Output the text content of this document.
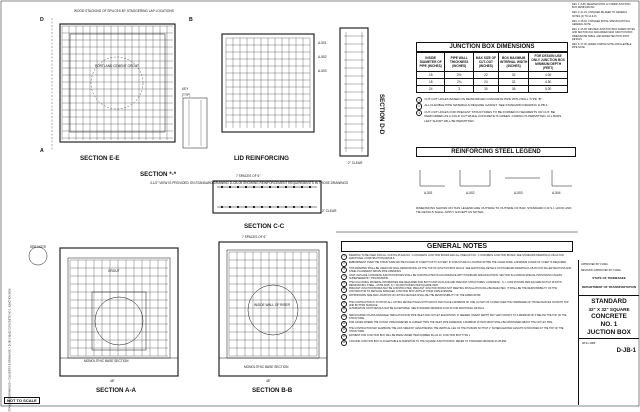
D	B
A
WOOD STACKING OF SPLICES BY STAGGERING LAP LOCATIONS
PORTLAND CEMENT GROUT
KEY
(TYP)
SECTION E-E
SECTION *-*
3-1/2" VIEW IS PROVIDED ON STANDARD DRAWING D-CB-05 SHOWING REINFORCEMENT REQUIREMENTS IN THOSE DRAWINGS
LID REINFORCING
A-501
A-502
A-503
SECTION D-D
2" CLEAR
7 SPACES OF 6"
2" CLEAR
SECTION C-C
MONOLITHIC BASE SECTION
48"
GROUT
SEE NOTE
SECTION A-A
INSIDE WALL OF RISER
MONOLITHIC BASE SECTION
48"
7 SPACES OF 6"
SECTION B-B
A-501	A-502	A-503	A-504
REV. 1: 8-88; DELETED NOTE 12 UNDER JUNCTION BOX REINFORCING
REV. 2: 01-91; CHANGED RE-FEED TO GENERAL NOTES (3) TO 14 & 15
REV. 3: 08-92; CHANGED INITIAL SPECIFICATION & GENERAL NOTE
REV. 4: 05-95; REVISED JUNCTION BOX ADDED NOTES AND SECTION D-D AND ADDED NEW JUNCTION BOX DIMENSIONS TABLE, AND ADDED SECTION JOINT DETAILS
REV. 5: 07-00; ADDED CORING NOTE AND FLEXIBLE PIPE NOTE
JUNCTION BOX DIMENSIONS
INSIDE DIAMETER OF PIPE (INCHES)	PIPE WALL THICKNESS (INCHES)	MAX SIZE OF CUT-OUT (INCHES)	BOX MAXIMUM INTERNAL WIDTH (INCHES)	FOR DESIGN USE ONLY JUNCTION BOX MINIMUM DEPTH (FEET)
15	2½	22	32	4.00
18	2¾	24	32	4.50
24	3	30	36	5.00
1	CUT-OUT HOLES BASED ON REINFORCED CONCRETE PIPE WITH WALL TYPE "B".
2	ALL FLEXIBLE PIPE MATERIALS REQUIRE GASKET. SEE STANDARD DRAWING D-PB-1.
3	CUT-OUT HOLES FOR PRECAST STRUCTURES TO BE FORMED IN SEGMENTS OR CUT. BE PERFORMED AS A COLD CUT WHILE CONCRETE IS GREEN. CORING IS PERMITTED. ALL BARS LEFT SHORT WILL BE PERMITTED.
REINFORCING STEEL LEGEND
DIMENSIONS SHOWN ON THIS LEGEND ARE OUTSIDE TO OUTSIDE OF BAR. STANDARD C.R.S.I. HOOK AND TIE DETAILS SHALL APPLY, EXCEPT AS NOTED.
GENERAL NOTES
1	DRAWING TO BE USED FOR ALL CAST-IN-PLACE NO. 1 CONCRETE JUNCTION BOXES AND ALL PRECAST NO. 1 CONCRETE JUNCTION BOXES. SEE STANDARD DRAWING D-CB-16 FOR ADDITIONAL CONSTRUCTION DETAILS.
2	EMBANKMENT OVER THE STRUCTURE MAY BE PLACED AT A DEPTH UP TO 16 FEET. IF STRUCTURE IS LOCATED WITHIN THE CLEAR ZONE, A MINIMUM COVER OF 3 FEET IS REQUIRED.
3	THIS DRAWING SHALL BE USED FOR WALL REINFORCING OF THE TOP OF JUNCTION BOX WALLS. SEE ADDITIONAL DETAILS ON STANDARD DRAWING D-CB-05 FOR TALLER SECTIONS AND STEEL PLACEMENT ABOVE PIPE OPENINGS.
4	CAST-IN-PLACE CONCRETE JUNCTION BOXES SHALL BE CONSTRUCTED IN ACCORDANCE WITH STANDARD SPECIFICATIONS, SECTION 611 AND/OR SPECIAL PROVISIONS UNLESS SUPERSEDED BY THIS DRAWING.
5	THE FOLLOWING MATERIAL PROPERTIES ARE REQUIRED FOR BOTH CAST-IN-PLACE AND PRECAST STRUCTURES: CONCRETE - f'c = 3,000 POUNDS PER SQUARE INCH AT 28 DAYS. REINFORCING STEEL - ASTM A615, Fy = 60,000 POUNDS PER SQUARE INCH.
6	PRECAST JUNCTION BOXES MAY BE CONSTRUCTED. PRECAST JUNCTION BOXES NOT MEETING INSTALLATION WILL BE REJECTED. IT SHALL BE THE RESPONSIBILITY OF THE CONTRACTOR TO REPLACE DAMAGED JUNCTION BOX UNITS AT THEIR OWN EXPENSE.
7	APPROPRIATE SIZE AND LOCATION OF LIFTING DEVICES SHALL BE THE RESPONSIBILITY OF THE FABRICATOR.
8	THE CONTRACTOR IS TO PATCH ALL LIFTING DEVICE HOLES WITH GROUT AND PLACE A MINIMUM OF ONE (1) INCH OF COVER OVER THE HARDWARE OF THOSE DEVICES ON BOTH TOP AND BOTTOM SURFACE.
9	ALTERNATIVE JOINT DETAILS MAY BE ACCEPTABLE. SEE STANDARD DRAWING D-CB-06 FOR ADDITIONAL DETAILS.
10	SEE ROADWAY PLANS DRAINAGE TABULATION FOR PIPE INLET AND OUTLET ELEVATIONS. IF NEEDED, INVERT DEPTH MAY VARY FROM 5' TO A MINIMUM OF 3' BELOW THE TOP OF THE STRUCTURE.
11	FOR CASES WHERE THE OUTLET PIPE DIAMETER IS LARGER THAN THE INLET PIPE DIAMETER, A MINIMUM 10 INCH DROP SHALL BE MAINTAINED ABOUT THE OUTLET PIPE.
12	THE CONTRACTOR MAY ELIMINATE THE LIDS SIDED BY LENGTHENING THE VERTICAL LEG OF THE HS BARS SO THAT 1" SCHEDULED BAR LENGTH IS PROVIDED AT THE TOP OF THE STRUCTURE.
13	PAYMENT FOR JUNCTION BOX WILL BE MADE UNDER ITEM NUMBER 611-04.10, JUNCTION BOX TYPE 1.
14	A ROUND JUNCTION BOX IS ACCEPTABLE ALTERNATIVE TO THE SQUARE JUNCTION BOX. REFER TO STANDARD DRAWING D-CB-05R.
APPROVED BY FHWA
REVISION APPROVED BY FHWA
STATE OF TENNESSEE
DEPARTMENT OF TRANSPORTATION
STANDARD
32" X 32" SQUARE
CONCRETE
NO. 1
JUCTION BOX
08-01-1986
D-JB-1
NOT TO SCALE
STANDARD DRAWINGS > CULVERTS & DRAINAGE > D-JB-1 32x32 CONCRETE NO 1 JUNCTION BOX
